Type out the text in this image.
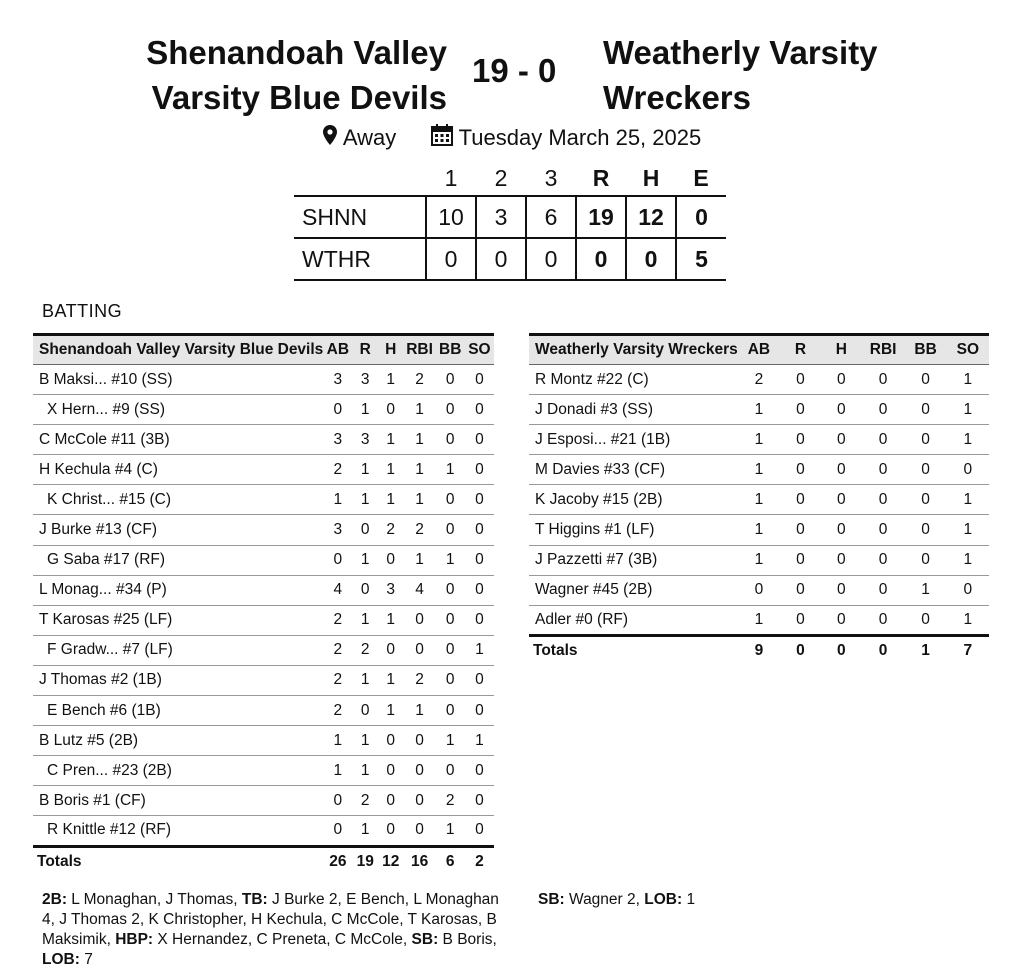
Shenandoah Valley
Varsity Blue Devils
19 - 0 Weatherly Varsity
Wreckers
Away	Tuesday March 25, 2025
	1	2	3	R	H	E
SHNN	10	3	6	19	12	0
WTHR	0	0	0	0	0	5
BATTING
Shenandoah Valley Varsity Blue Devils	AB	R	H	RBI	BB	SO
B Maksi... #10 (SS)	3	3	1	2	0	0
X Hern... #9 (SS)	0	1	0	1	0	0
C McCole #11 (3B)	3	3	1	1	0	0
H Kechula #4 (C)	2	1	1	1	1	0
K Christ... #15 (C)	1	1	1	1	0	0
J Burke #13 (CF)	3	0	2	2	0	0
G Saba #17 (RF)	0	1	0	1	1	0
L Monag... #34 (P)	4	0	3	4	0	0
T Karosas #25 (LF)	2	1	1	0	0	0
F Gradw... #7 (LF)	2	2	0	0	0	1
J Thomas #2 (1B)	2	1	1	2	0	0
E Bench #6 (1B)	2	0	1	1	0	0
B Lutz #5 (2B)	1	1	0	0	1	1
C Pren... #23 (2B)	1	1	0	0	0	0
B Boris #1 (CF)	0	2	0	0	2	0
R Knittle #12 (RF)	0	1	0	0	1	0
Totals	26	19	12	16	6	2
Weatherly Varsity Wreckers	AB	R	H	RBI	BB	SO
R Montz #22 (C)	2	0	0	0	0	1
J Donadi #3 (SS)	1	0	0	0	0	1
J Esposi... #21 (1B)	1	0	0	0	0	1
M Davies #33 (CF)	1	0	0	0	0	0
K Jacoby #15 (2B)	1	0	0	0	0	1
T Higgins #1 (LF)	1	0	0	0	0	1
J Pazzetti #7 (3B)	1	0	0	0	0	1
Wagner #45 (2B)	0	0	0	0	1	0
Adler #0 (RF)	1	0	0	0	0	1
Totals	9	0	0	0	1	7
2B: L Monaghan, J Thomas, TB: J Burke 2, E Bench, L Monaghan 4, J Thomas 2, K Christopher, H Kechula, C McCole, T Karosas, B Maksimik, HBP: X Hernandez, C Preneta, C McCole, SB: B Boris, LOB: 7
SB: Wagner 2, LOB: 1
